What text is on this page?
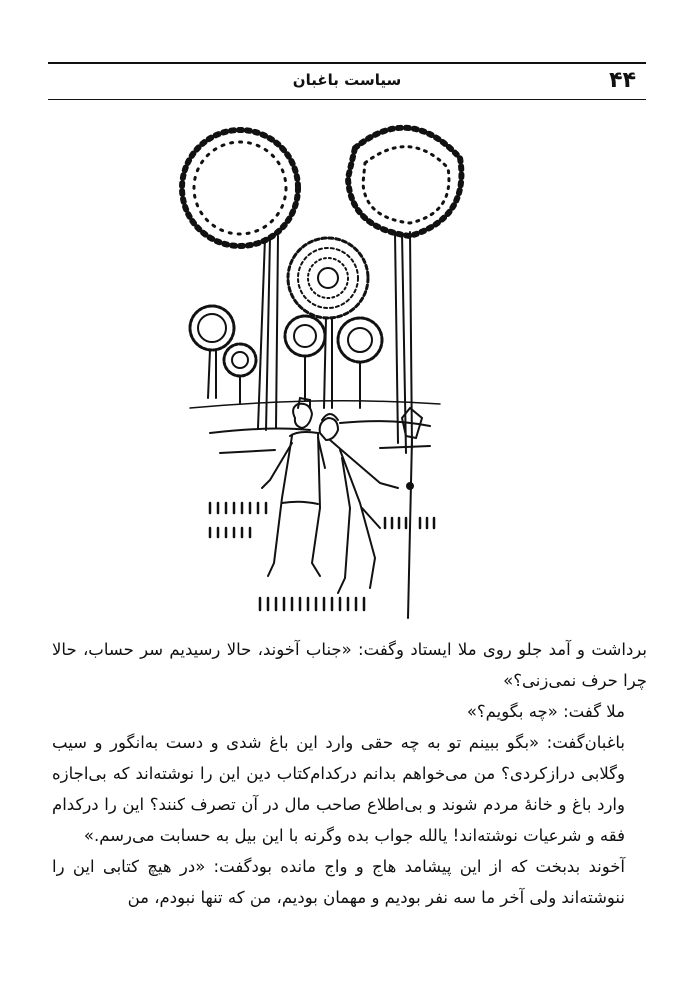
۴۴
سیاست باغبان

برداشت و آمد جلو روی ملا ایستاد وگفت: «جناب آخوند، حالا رسیدیم سر حساب، حالا چرا حرف نمی‌زنی؟»

ملا گفت: «چه بگویم؟»

باغبان‌گفت: «بگو ببینم تو به چه حقی وارد این باغ شدی و دست به‌انگور و سیب وگلابی درازکردی؟ من می‌خواهم بدانم درکدام‌کتاب دین این را نوشته‌اند که بی‌اجازه وارد باغ و خانهٔ مردم شوند و بی‌اطلاع صاحب مال در آن تصرف کنند؟ این را درکدام فقه و شرعیات نوشته‌اند! یالله جواب بده وگرنه با این بیل به حسابت می‌رسم.»

آخوند بدبخت که از این پیشامد هاج و واج مانده بودگفت: «در هیچ کتابی این را ننوشته‌اند ولی آخر ما سه نفر بودیم و مهمان بودیم، من که تنها نبودم، من
